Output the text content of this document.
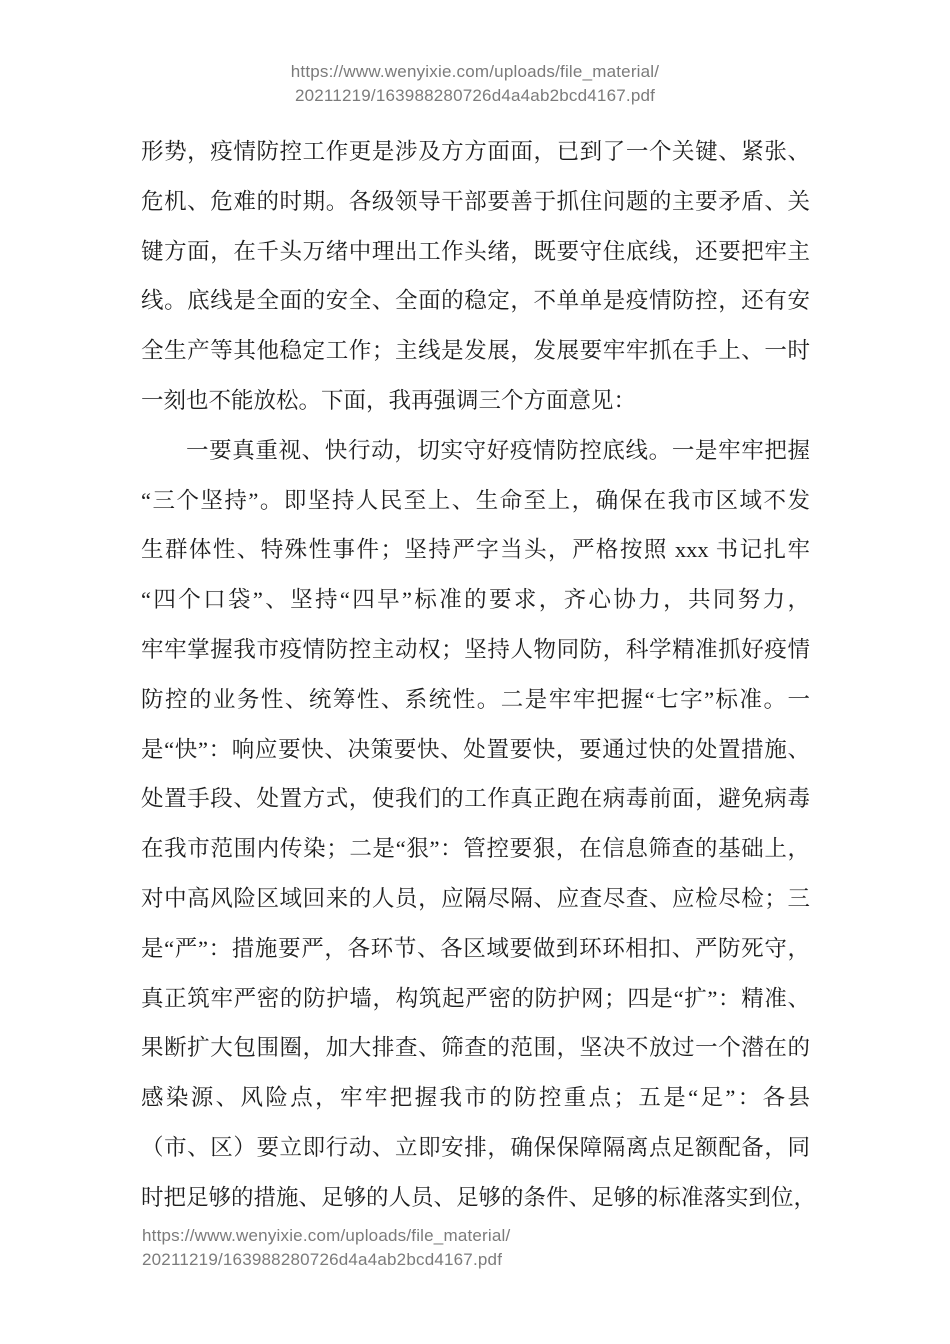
https://www.wenyixie.com/uploads/file_material/
20211219/163988280726d4a4ab2bcd4167.pdf
形势，疫情防控工作更是涉及方方面面，已到了一个关键、紧张、
危机、危难的时期。各级领导干部要善于抓住问题的主要矛盾、关
键方面，在千头万绪中理出工作头绪，既要守住底线，还要把牢主
线。底线是全面的安全、全面的稳定，不单单是疫情防控，还有安
全生产等其他稳定工作；主线是发展，发展要牢牢抓在手上、一时
一刻也不能放松。下面，我再强调三个方面意见：
一要真重视、快行动，切实守好疫情防控底线。一是牢牢把握
“三个坚持”。即坚持人民至上、生命至上，确保在我市区域不发
生群体性、特殊性事件；坚持严字当头，严格按照 xxx 书记扎牢
“四个口袋”、坚持“四早”标准的要求，齐心协力，共同努力，
牢牢掌握我市疫情防控主动权；坚持人物同防，科学精准抓好疫情
防控的业务性、统筹性、系统性。二是牢牢把握“七字”标准。一
是“快”：响应要快、决策要快、处置要快，要通过快的处置措施、
处置手段、处置方式，使我们的工作真正跑在病毒前面，避免病毒
在我市范围内传染；二是“狠”：管控要狠，在信息筛查的基础上，
对中高风险区域回来的人员，应隔尽隔、应查尽查、应检尽检；三
是“严”：措施要严，各环节、各区域要做到环环相扣、严防死守，
真正筑牢严密的防护墙，构筑起严密的防护网；四是“扩”：精准、
果断扩大包围圈，加大排查、筛查的范围，坚决不放过一个潜在的
感染源、风险点，牢牢把握我市的防控重点；五是“足”：各县
（市、区）要立即行动、立即安排，确保保障隔离点足额配备，同
时把足够的措施、足够的人员、足够的条件、足够的标准落实到位，
https://www.wenyixie.com/uploads/file_material/
20211219/163988280726d4a4ab2bcd4167.pdf
